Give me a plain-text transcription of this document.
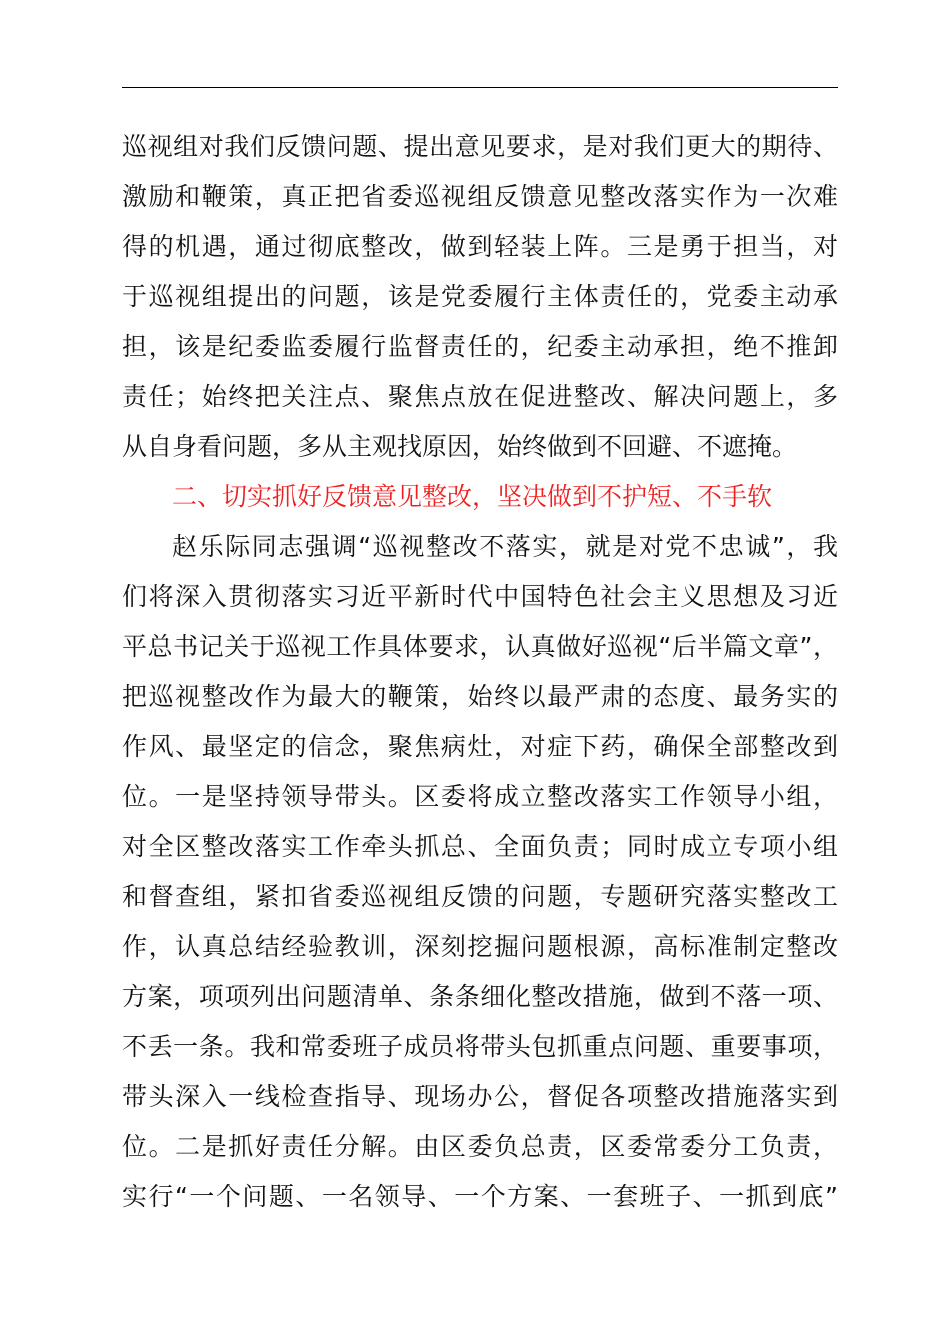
巡视组对我们反馈问题、提出意见要求，是对我们更大的期待、
激励和鞭策，真正把省委巡视组反馈意见整改落实作为一次难
得的机遇，通过彻底整改，做到轻装上阵。三是勇于担当，对
于巡视组提出的问题，该是党委履行主体责任的，党委主动承
担，该是纪委监委履行监督责任的，纪委主动承担，绝不推卸
责任；始终把关注点、聚焦点放在促进整改、解决问题上，多
从自身看问题，多从主观找原因，始终做到不回避、不遮掩。
二、切实抓好反馈意见整改，坚决做到不护短、不手软
赵乐际同志强调“巡视整改不落实，就是对党不忠诚”，我
们将深入贯彻落实习近平新时代中国特色社会主义思想及习近
平总书记关于巡视工作具体要求，认真做好巡视“后半篇文章”，
把巡视整改作为最大的鞭策，始终以最严肃的态度、最务实的
作风、最坚定的信念，聚焦病灶，对症下药，确保全部整改到
位。一是坚持领导带头。区委将成立整改落实工作领导小组，
对全区整改落实工作牵头抓总、全面负责；同时成立专项小组
和督查组，紧扣省委巡视组反馈的问题，专题研究落实整改工
作，认真总结经验教训，深刻挖掘问题根源，高标准制定整改
方案，项项列出问题清单、条条细化整改措施，做到不落一项、
不丢一条。我和常委班子成员将带头包抓重点问题、重要事项，
带头深入一线检查指导、现场办公，督促各项整改措施落实到
位。二是抓好责任分解。由区委负总责，区委常委分工负责，
实行“一个问题、一名领导、一个方案、一套班子、一抓到底”
